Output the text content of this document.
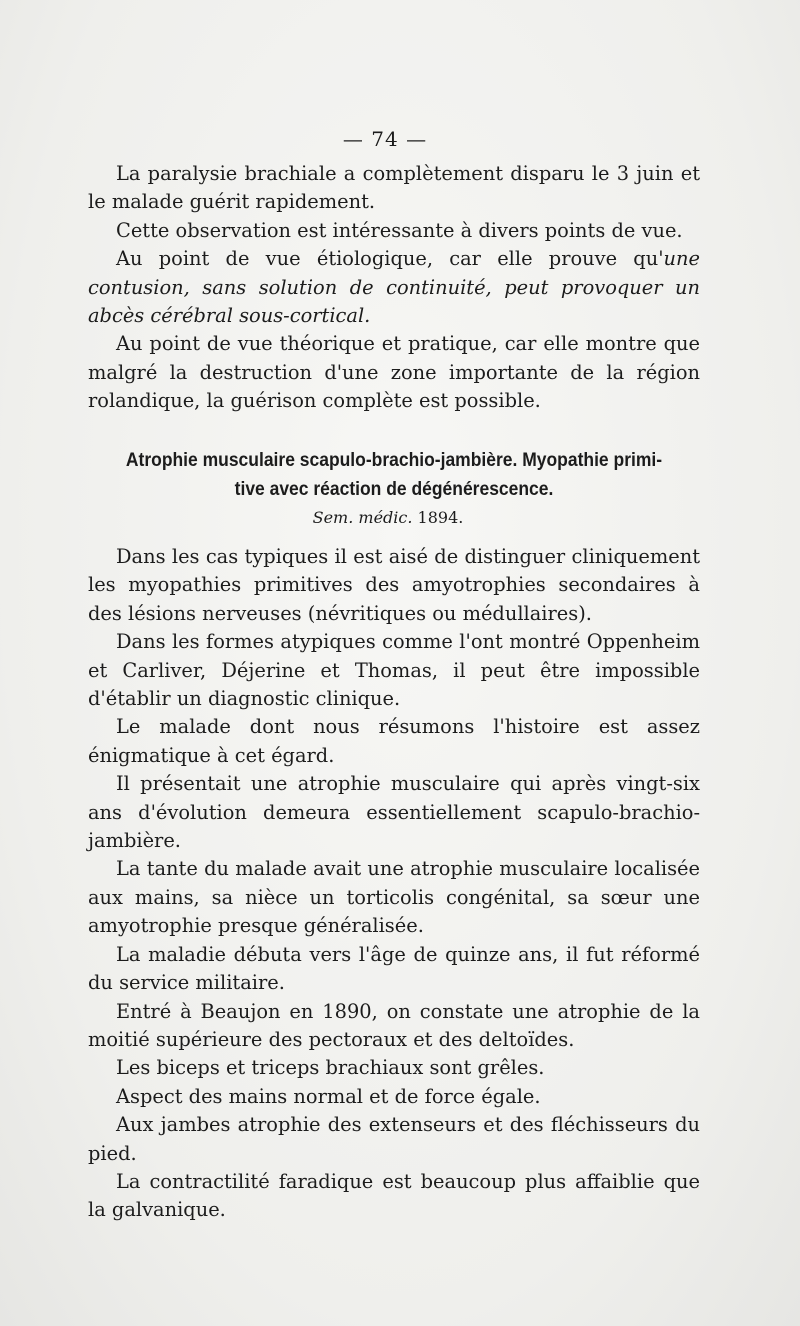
— 74 —

La paralysie brachiale a complètement disparu le 3 juin et le malade guérit rapidement.

Cette observation est intéressante à divers points de vue.

Au point de vue étiologique, car elle prouve qu'une contusion, sans solution de continuité, peut provoquer un abcès cérébral sous-cortical.

Au point de vue théorique et pratique, car elle montre que malgré la destruction d'une zone importante de la région rolandique, la guérison complète est possible.

Atrophie musculaire scapulo-brachio-jambière. Myopathie primi-
tive avec réaction de dégénérescence.
Sem. médic. 1894.

Dans les cas typiques il est aisé de distinguer cliniquement les myopathies primitives des amyotrophies secondaires à des lésions nerveuses (névritiques ou médullaires).

Dans les formes atypiques comme l'ont montré Oppenheim et Carliver, Déjerine et Thomas, il peut être impossible d'établir un diagnostic clinique.

Le malade dont nous résumons l'histoire est assez énigmatique à cet égard.

Il présentait une atrophie musculaire qui après vingt-six ans d'évolution demeura essentiellement scapulo-brachio-jambière.

La tante du malade avait une atrophie musculaire localisée aux mains, sa nièce un torticolis congénital, sa sœur une amyotrophie presque généralisée.

La maladie débuta vers l'âge de quinze ans, il fut réformé du service militaire.

Entré à Beaujon en 1890, on constate une atrophie de la moitié supérieure des pectoraux et des deltoïdes.

Les biceps et triceps brachiaux sont grêles.

Aspect des mains normal et de force égale.

Aux jambes atrophie des extenseurs et des fléchisseurs du pied.

La contractilité faradique est beaucoup plus affaiblie que la galvanique.
